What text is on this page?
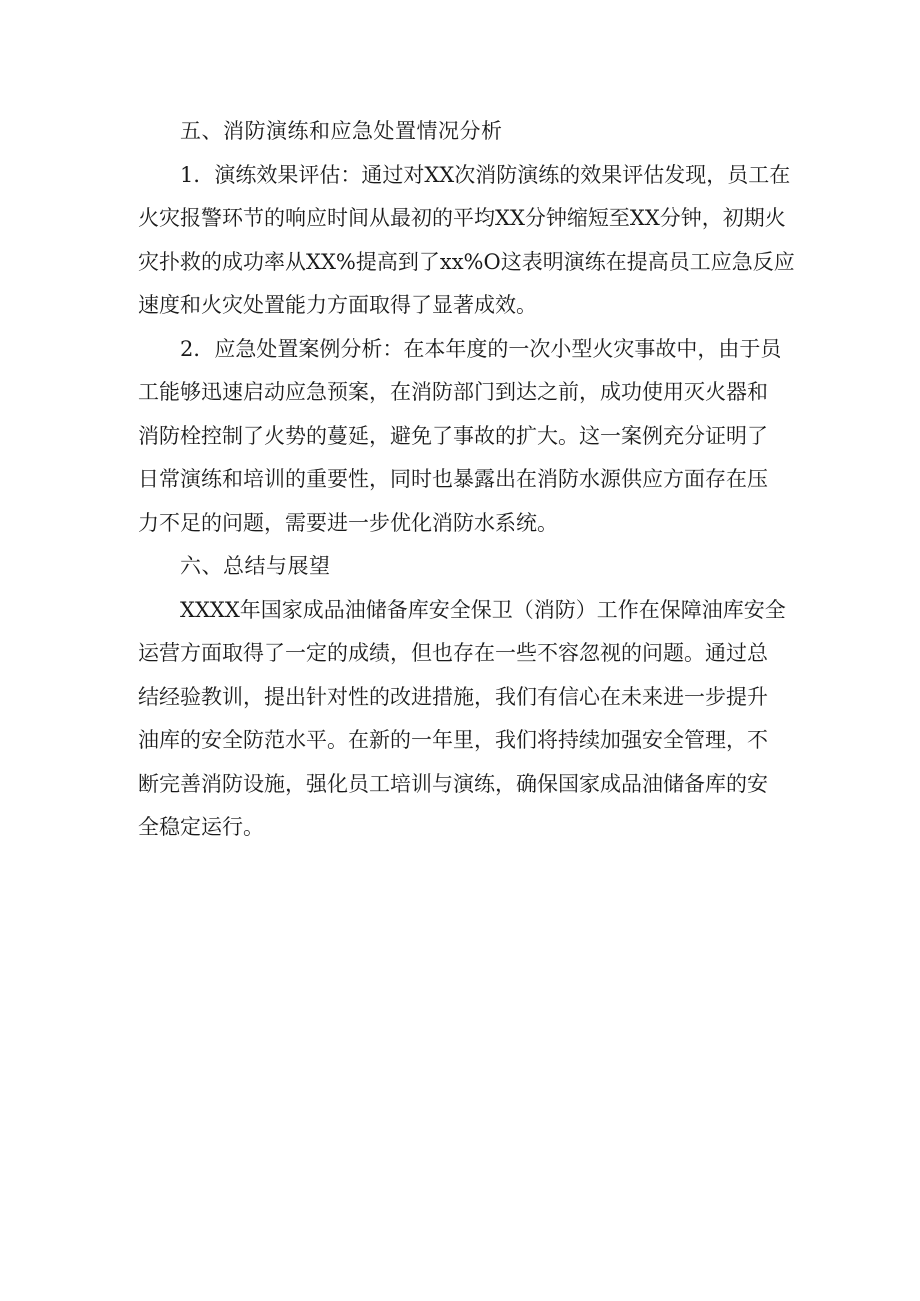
五、消防演练和应急处置情况分析
1．演练效果评估：通过对XX次消防演练的效果评估发现，员工在
火灾报警环节的响应时间从最初的平均XX分钟缩短至XX分钟，初期火
灾扑救的成功率从XX%提高到了xx%O这表明演练在提高员工应急反应
速度和火灾处置能力方面取得了显著成效。
2．应急处置案例分析：在本年度的一次小型火灾事故中，由于员
工能够迅速启动应急预案，在消防部门到达之前，成功使用灭火器和
消防栓控制了火势的蔓延，避免了事故的扩大。这一案例充分证明了
日常演练和培训的重要性，同时也暴露出在消防水源供应方面存在压
力不足的问题，需要进一步优化消防水系统。
六、总结与展望
XXXX年国家成品油储备库安全保卫（消防）工作在保障油库安全
运营方面取得了一定的成绩，但也存在一些不容忽视的问题。通过总
结经验教训，提出针对性的改进措施，我们有信心在未来进一步提升
油库的安全防范水平。在新的一年里，我们将持续加强安全管理，不
断完善消防设施，强化员工培训与演练，确保国家成品油储备库的安
全稳定运行。
